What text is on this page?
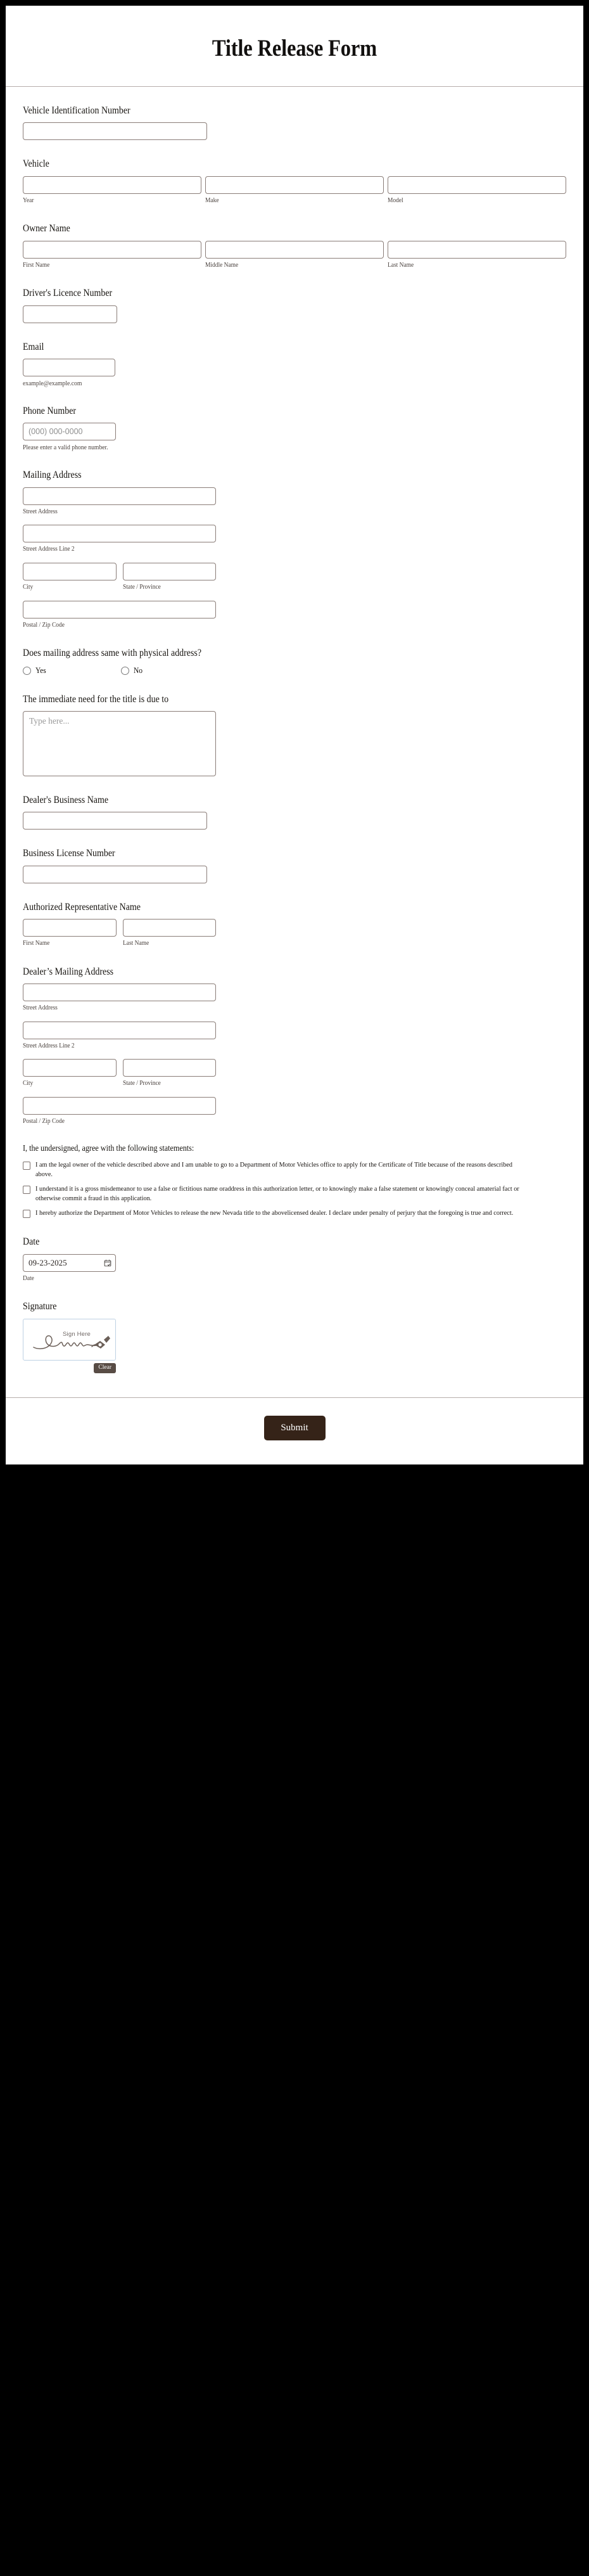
Title Release Form
Vehicle Identification Number
Vehicle
Year	Make	Model
Owner Name
First Name	Middle Name	Last Name
Driver's Licence Number
Email
example@example.com
Phone Number
(000) 000-0000
Please enter a valid phone number.
Mailing Address
Street Address
Street Address Line 2
City	State / Province
Postal / Zip Code
Does mailing address same with physical address?
Yes	No
The immediate need for the title is due to
Type here...
Dealer's Business Name
Business License Number
Authorized Representative Name
First Name	Last Name
Dealer’s Mailing Address
Street Address
Street Address Line 2
City	State / Province
Postal / Zip Code
I, the undersigned, agree with the following statements:
I am the legal owner of the vehicle described above and I am unable to go to a Department of Motor Vehicles office to apply for the Certificate of Title because of the reasons described above.
I understand it is a gross misdemeanor to use a false or fictitious name oraddress in this authorization letter, or to knowingly make a false statement or knowingly conceal amaterial fact or otherwise commit a fraud in this application.
I hereby authorize the Department of Motor Vehicles to release the new Nevada title to the abovelicensed dealer. I declare under penalty of perjury that the foregoing is true and correct.
Date
09-23-2025
Date
Signature
Sign Here
Clear
Submit
